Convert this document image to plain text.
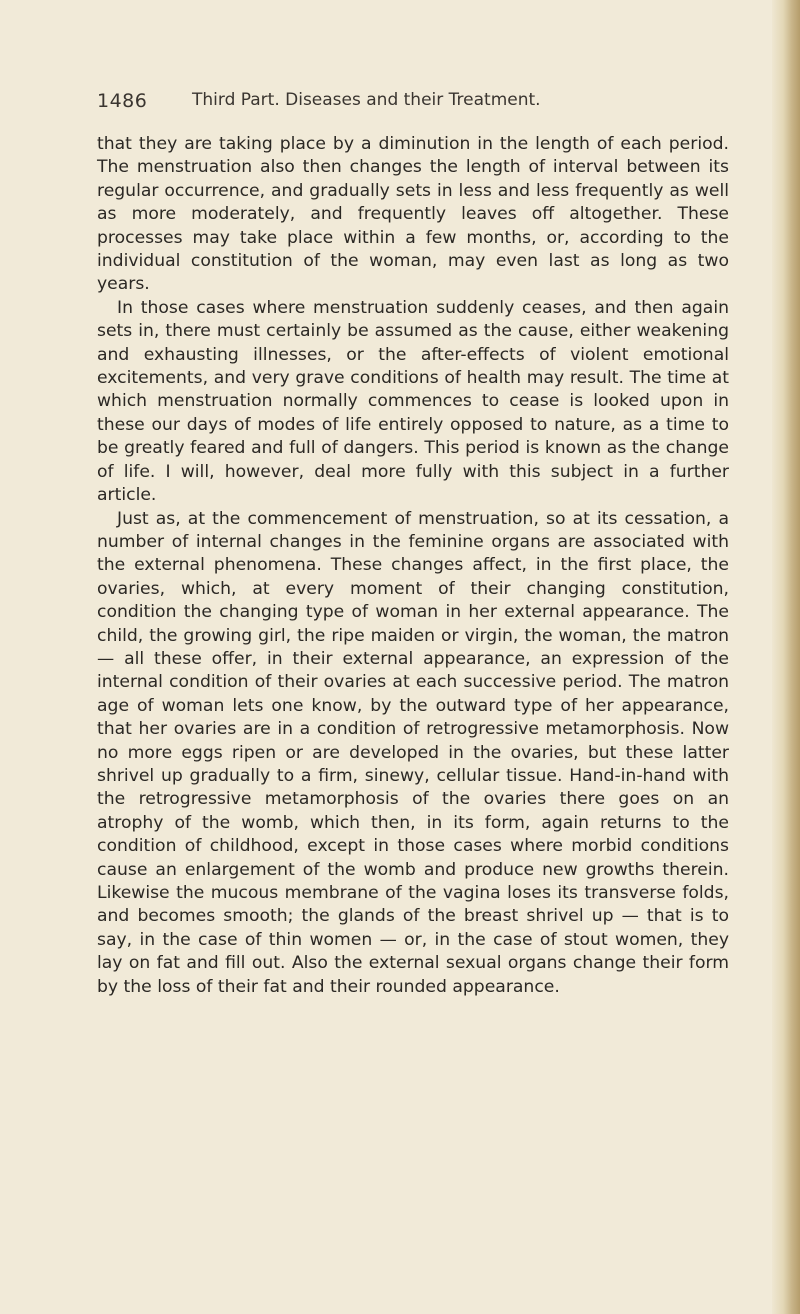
1486	Third Part. Diseases and their Treatment.

that they are taking place by a diminution in the length of each period. The menstruation also then changes the length of interval between its regular occurrence, and gradually sets in less and less frequently as well as more moderately, and frequently leaves off altogether. These processes may take place within a few months, or, according to the individual constitution of the woman, may even last as long as two years.

In those cases where menstruation suddenly ceases, and then again sets in, there must certainly be assumed as the cause, either weakening and exhausting illnesses, or the after-effects of violent emotional excitements, and very grave conditions of health may result. The time at which menstruation normally commences to cease is looked upon in these our days of modes of life entirely opposed to nature, as a time to be greatly feared and full of dangers. This period is known as the change of life. I will, however, deal more fully with this subject in a further article.

Just as, at the commencement of menstruation, so at its cessation, a number of internal changes in the feminine organs are associated with the external phenomena. These changes affect, in the first place, the ovaries, which, at every moment of their changing constitution, condition the changing type of woman in her external appearance. The child, the growing girl, the ripe maiden or virgin, the woman, the matron — all these offer, in their external appearance, an expression of the internal condition of their ovaries at each successive period. The matron age of woman lets one know, by the outward type of her appearance, that her ovaries are in a condition of retrogressive metamorphosis. Now no more eggs ripen or are developed in the ovaries, but these latter shrivel up gradually to a firm, sinewy, cellular tissue. Hand-in-hand with the retrogressive metamorphosis of the ovaries there goes on an atrophy of the womb, which then, in its form, again returns to the condition of childhood, except in those cases where morbid conditions cause an enlargement of the womb and produce new growths therein. Likewise the mucous membrane of the vagina loses its transverse folds, and becomes smooth; the glands of the breast shrivel up — that is to say, in the case of thin women — or, in the case of stout women, they lay on fat and fill out. Also the external sexual organs change their form by the loss of their fat and their rounded appearance.
